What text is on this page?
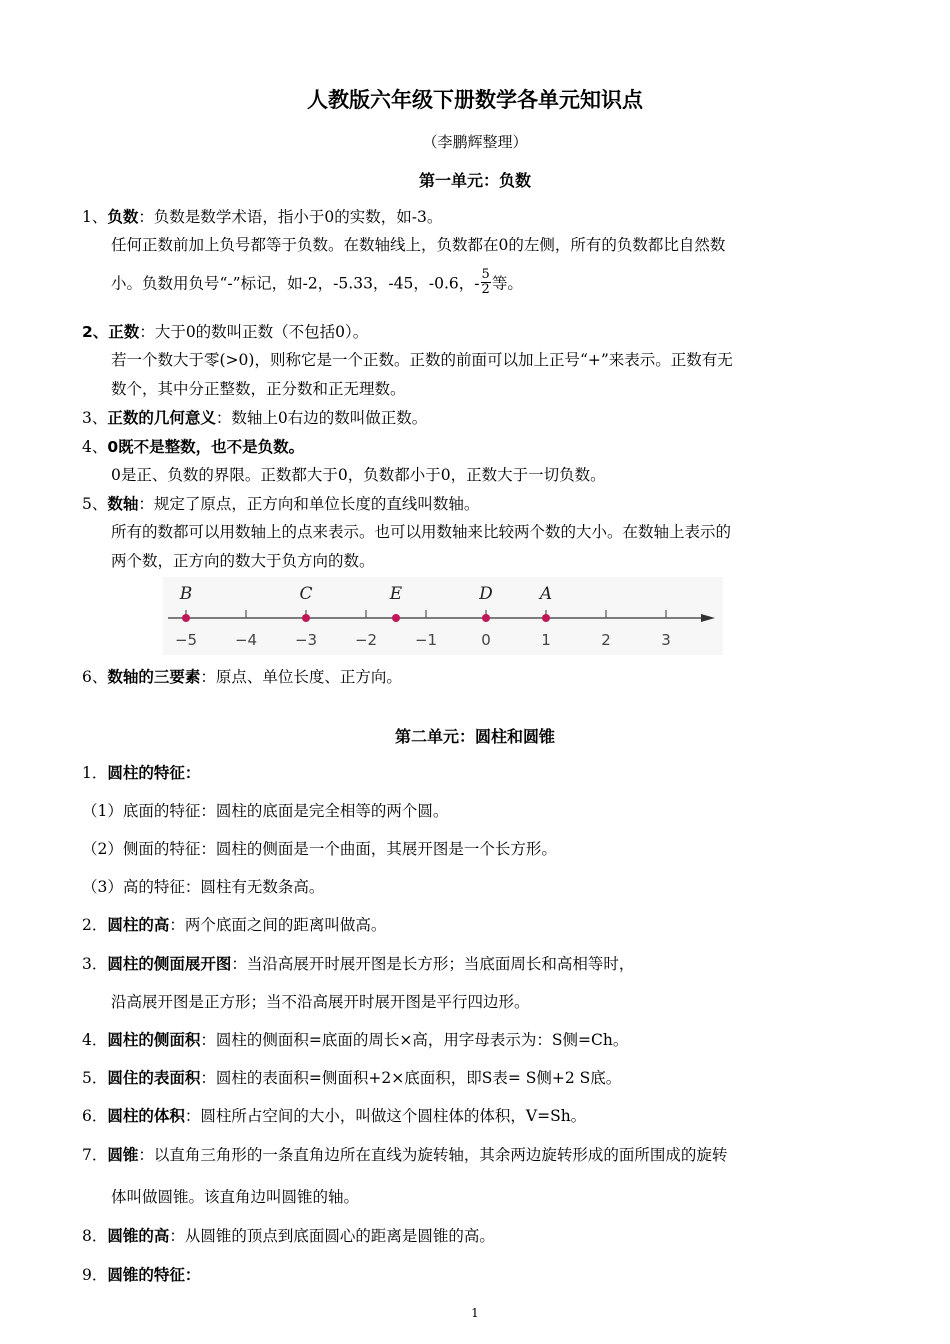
人教版六年级下册数学各单元知识点
（李鹏辉整理）
第一单元：负数
1、负数：负数是数学术语，指小于0的实数，如-3。
任何正数前加上负号都等于负数。在数轴线上，负数都在0的左侧，所有的负数都比自然数
小。负数用负号“-”标记，如-2，-5.33，-45，-0.6，- $\frac{5}{2}$ 等。
2、正数：大于0的数叫正数（不包括0）。
若一个数大于零(>0)，则称它是一个正数。正数的前面可以加上正号“+”来表示。正数有无
数个，其中分正整数，正分数和正无理数。
3、正数的几何意义：数轴上0右边的数叫做正数。
4、0既不是整数，也不是负数。
0是正、负数的界限。正数都大于0，负数都小于0，正数大于一切负数。
5、数轴：规定了原点，正方向和单位长度的直线叫数轴。
所有的数都可以用数轴上的点来表示。也可以用数轴来比较两个数的大小。在数轴上表示的
两个数，正方向的数大于负方向的数。
−5	−4	−3	−2	−1	0	1	2	3
B	C	E	D	A
6、数轴的三要素：原点、单位长度、正方向。
第二单元：圆柱和圆锥
1．圆柱的特征：
（1）底面的特征：圆柱的底面是完全相等的两个圆。
（2）侧面的特征：圆柱的侧面是一个曲面，其展开图是一个长方形。
（3）高的特征：圆柱有无数条高。
2．圆柱的高：两个底面之间的距离叫做高。
3．圆柱的侧面展开图：当沿高展开时展开图是长方形；当底面周长和高相等时，
沿高展开图是正方形；当不沿高展开时展开图是平行四边形。
4．圆柱的侧面积：圆柱的侧面积=底面的周长×高，用字母表示为：S侧=Ch。
5．圆住的表面积：圆柱的表面积=侧面积+2×底面积，即S表= S侧+2 S底。
6．圆柱的体积：圆柱所占空间的大小，叫做这个圆柱体的体积，V=Sh。
7．圆锥：以直角三角形的一条直角边所在直线为旋转轴，其余两边旋转形成的面所围成的旋转
体叫做圆锥。该直角边叫圆锥的轴。
8．圆锥的高：从圆锥的顶点到底面圆心的距离是圆锥的高。
9．圆锥的特征：
1
